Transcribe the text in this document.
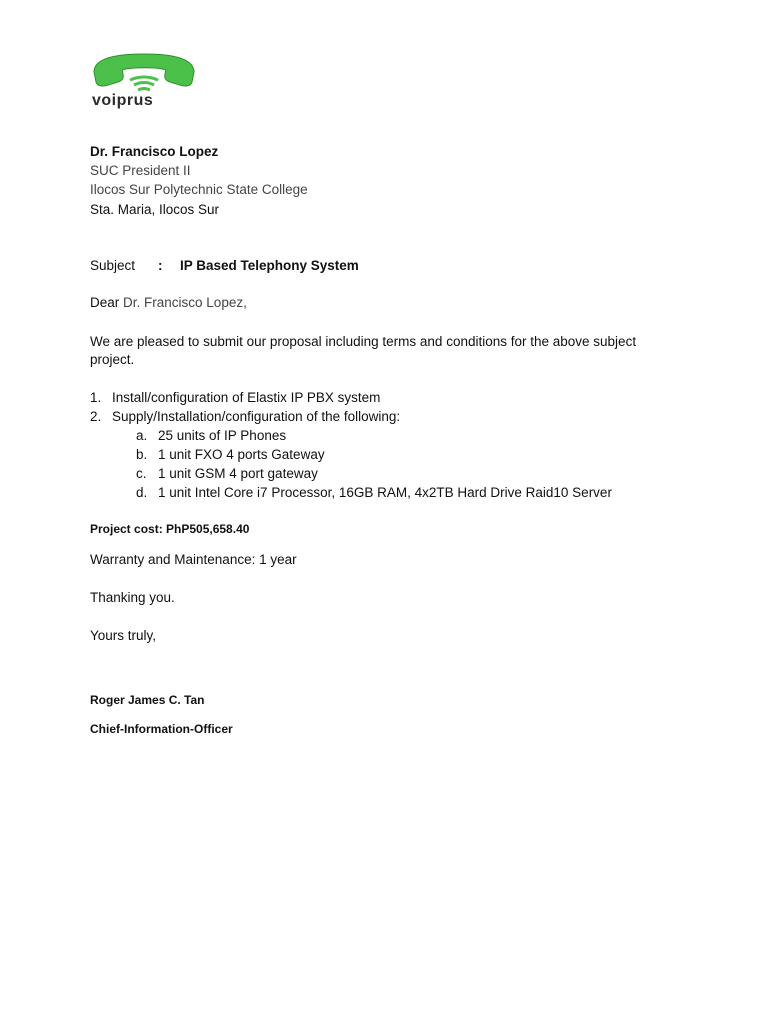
voiprus
Dr. Francisco Lopez
SUC President II
Ilocos Sur Polytechnic State College
Sta. Maria, Ilocos Sur
Subject : IP Based Telephony System
Dear Dr. Francisco Lopez,
We are pleased to submit our proposal including terms and conditions for the above subject
project.
1. Install/configuration of Elastix IP PBX system
2. Supply/Installation/configuration of the following:
a. 25 units of IP Phones
b. 1 unit FXO 4 ports Gateway
c. 1 unit GSM 4 port gateway
d. 1 unit Intel Core i7 Processor, 16GB RAM, 4x2TB Hard Drive Raid10 Server
Project cost: PhP505,658.40
Warranty and Maintenance: 1 year
Thanking you.
Yours truly,
Roger James C. Tan
Chief-Information-Officer
